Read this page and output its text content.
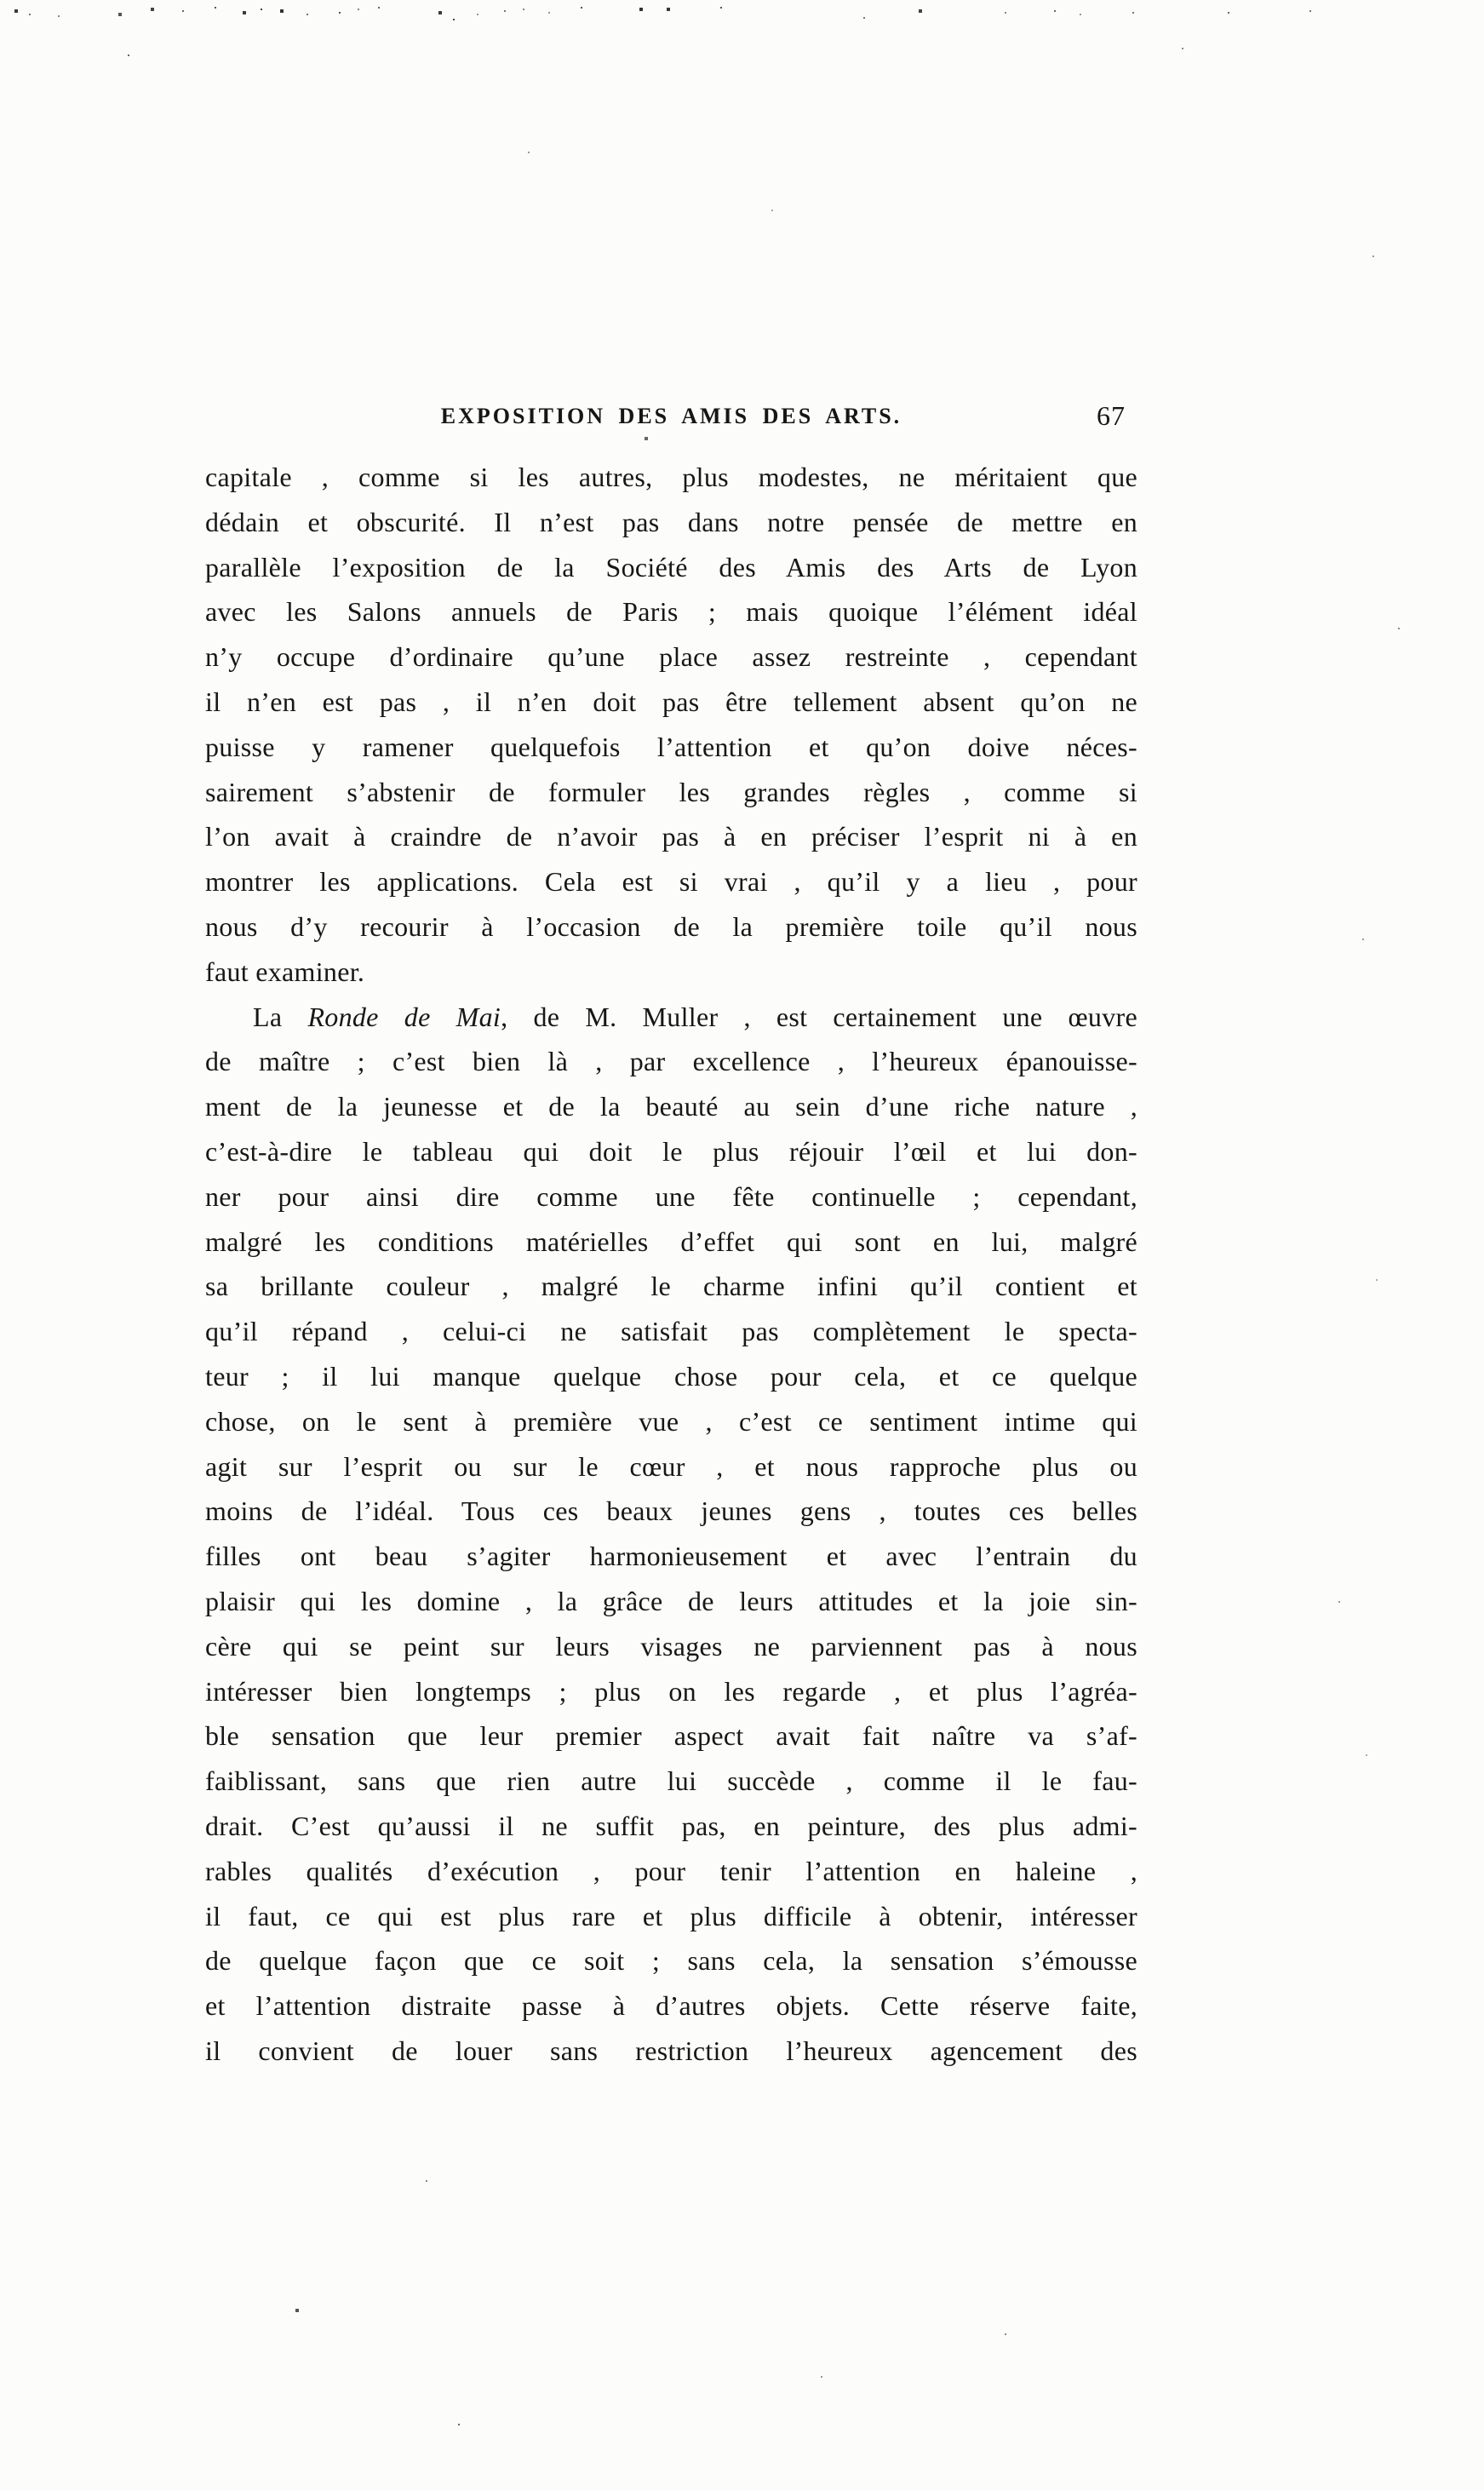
EXPOSITION DES AMIS DES ARTS.	67
capitale , comme si les autres, plus modestes, ne méritaient que
dédain et obscurité. Il n’est pas dans notre pensée de mettre en
parallèle l’exposition de la Société des Amis des Arts de Lyon
avec les Salons annuels de Paris ; mais quoique l’élément idéal
n’y occupe d’ordinaire qu’une place assez restreinte , cependant
il n’en est pas , il n’en doit pas être tellement absent qu’on ne
puisse y ramener quelquefois l’attention et qu’on doive néces-
sairement s’abstenir de formuler les grandes règles , comme si
l’on avait à craindre de n’avoir pas à en préciser l’esprit ni à en
montrer les applications. Cela est si vrai , qu’il y a lieu , pour
nous d’y recourir à l’occasion de la première toile qu’il nous
faut examiner.
La Ronde de Mai, de M. Muller , est certainement une œuvre
de maître ; c’est bien là , par excellence , l’heureux épanouisse-
ment de la jeunesse et de la beauté au sein d’une riche nature ,
c’est-à-dire le tableau qui doit le plus réjouir l’œil et lui don-
ner pour ainsi dire comme une fête continuelle ; cependant,
malgré les conditions matérielles d’effet qui sont en lui, malgré
sa brillante couleur , malgré le charme infini qu’il contient et
qu’il répand , celui-ci ne satisfait pas complètement le specta-
teur ; il lui manque quelque chose pour cela, et ce quelque
chose, on le sent à première vue , c’est ce sentiment intime qui
agit sur l’esprit ou sur le cœur , et nous rapproche plus ou
moins de l’idéal. Tous ces beaux jeunes gens , toutes ces belles
filles ont beau s’agiter harmonieusement et avec l’entrain du
plaisir qui les domine , la grâce de leurs attitudes et la joie sin-
cère qui se peint sur leurs visages ne parviennent pas à nous
intéresser bien longtemps ; plus on les regarde , et plus l’agréa-
ble sensation que leur premier aspect avait fait naître va s’af-
faiblissant, sans que rien autre lui succède , comme il le fau-
drait. C’est qu’aussi il ne suffit pas, en peinture, des plus admi-
rables qualités d’exécution , pour tenir l’attention en haleine ,
il faut, ce qui est plus rare et plus difficile à obtenir, intéresser
de quelque façon que ce soit ; sans cela, la sensation s’émousse
et l’attention distraite passe à d’autres objets. Cette réserve faite,
il convient de louer sans restriction l’heureux agencement des
